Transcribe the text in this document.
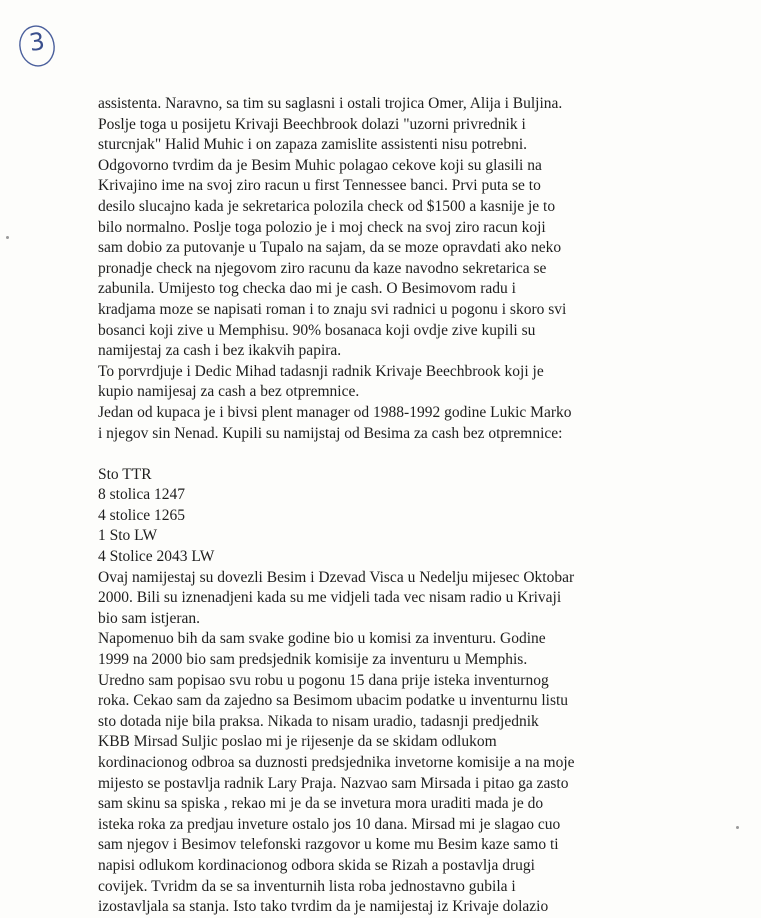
3
assistenta. Naravno, sa tim su saglasni i ostali trojica Omer, Alija i Buljina.
Poslje toga u posijetu Krivaji Beechbrook dolazi "uzorni privrednik i
sturcnjak" Halid Muhic i on zapaza zamislite assistenti nisu potrebni.
Odgovorno tvrdim da je Besim Muhic polagao cekove koji su glasili na
Krivajino ime na svoj ziro racun u first Tennessee banci. Prvi puta se to
desilo slucajno kada je sekretarica polozila check od $1500 a kasnije je to
bilo normalno. Poslje toga polozio je i moj check na svoj ziro racun koji
sam dobio za putovanje u Tupalo na sajam, da se moze opravdati ako neko
pronadje check na njegovom ziro racunu da kaze navodno sekretarica se
zabunila. Umijesto tog checka dao mi je cash. O Besimovom radu i
kradjama moze se napisati roman i to znaju svi radnici u pogonu i skoro svi
bosanci koji zive u Memphisu. 90% bosanaca koji ovdje zive kupili su
namijestaj za cash i bez ikakvih papira.
To porvrdjuje i Dedic Mihad tadasnji radnik Krivaje Beechbrook koji je
kupio namijesaj za cash a bez otpremnice.
Jedan od kupaca je i bivsi plent manager od 1988-1992 godine Lukic Marko
i njegov sin Nenad. Kupili su namijstaj od Besima za cash bez otpremnice:
Sto TTR
8 stolica 1247
4 stolice 1265
1 Sto LW
4 Stolice 2043 LW
Ovaj namijestaj su dovezli Besim i Dzevad Visca u Nedelju mijesec Oktobar
2000. Bili su iznenadjeni kada su me vidjeli tada vec nisam radio u Krivaji
bio sam istjeran.
Napomenuo bih da sam svake godine bio u komisi za inventuru. Godine
1999 na 2000 bio sam predsjednik komisije za inventuru u Memphis.
Uredno sam popisao svu robu u pogonu 15 dana prije isteka inventurnog
roka. Cekao sam da zajedno sa Besimom ubacim podatke u inventurnu listu
sto dotada nije bila praksa. Nikada to nisam uradio, tadasnji predjednik
KBB Mirsad Suljic poslao mi je rijesenje da se skidam odlukom
kordinacionog odbroa sa duznosti predsjednika invetorne komisije a na moje
mijesto se postavlja radnik Lary Praja. Nazvao sam Mirsada i pitao ga zasto
sam skinu sa spiska , rekao mi je da se invetura mora uraditi mada je do
isteka roka za predjau inveture ostalo jos 10 dana. Mirsad mi je slagao cuo
sam njegov i Besimov telefonski razgovor u kome mu Besim kaze samo ti
napisi odlukom kordinacionog odbora skida se Rizah a postavlja drugi
covijek. Tvridm da se sa inventurnih lista roba jednostavno gubila i
izostavljala sa stanja. Isto tako tvrdim da je namijestaj iz Krivaje dolazio
